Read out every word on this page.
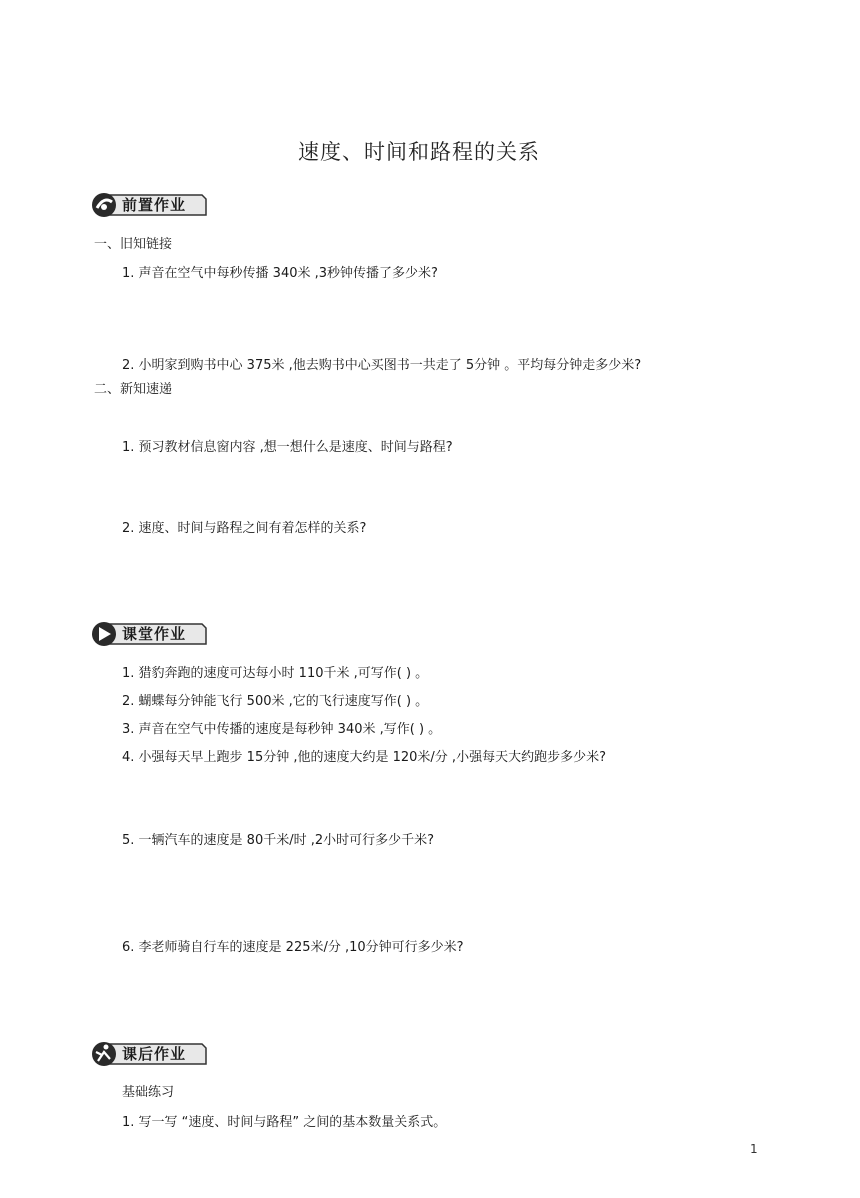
速度、时间和路程的关系
前置作业
一、旧知链接
1. 声音在空气中每秒传播 340米 ,3秒钟传播了多少米?
2. 小明家到购书中心 375米 ,他去购书中心买图书一共走了 5分钟 。平均每分钟走多少米?
二、新知速递
1. 预习教材信息窗内容 ,想一想什么是速度、时间与路程?
2. 速度、时间与路程之间有着怎样的关系?
课堂作业
1. 猎豹奔跑的速度可达每小时 110千米 ,可写作( ) 。
2. 蝴蝶每分钟能飞行 500米 ,它的飞行速度写作( ) 。
3. 声音在空气中传播的速度是每秒钟 340米 ,写作( ) 。
4. 小强每天早上跑步 15分钟 ,他的速度大约是 120米/分 ,小强每天大约跑步多少米?
5. 一辆汽车的速度是 80千米/时 ,2小时可行多少千米?
6. 李老师骑自行车的速度是 225米/分 ,10分钟可行多少米?
课后作业
基础练习
1. 写一写 “速度、时间与路程” 之间的基本数量关系式。
1
